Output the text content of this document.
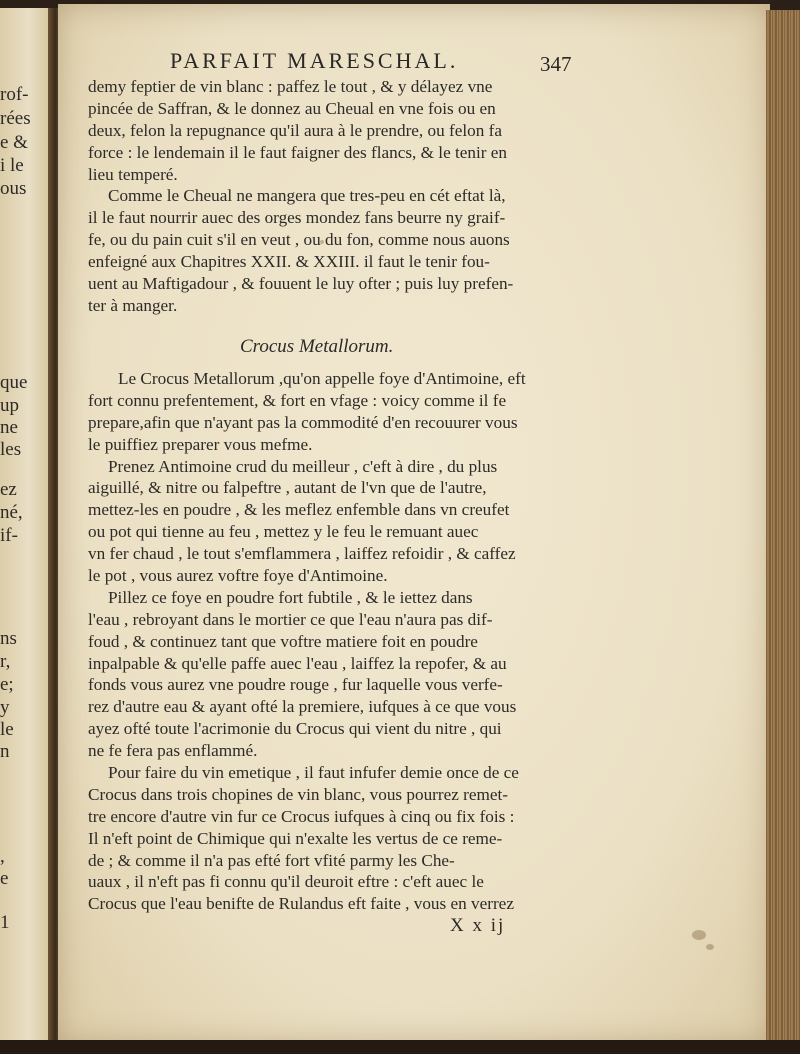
rof-
rées
e &
i le
ous
que
up
ne
les
ez
né,
if-
ns
r,
e;
y
le
n
,
e
1
PARFAIT MARESCHAL.	347
demy feptier de vin blanc : paffez le tout , & y délayez vne
pincée de Saffran, & le donnez au Cheual en vne fois ou en
deux, felon la repugnance qu'il aura à le prendre, ou felon fa
force : le lendemain il le faut faigner des flancs, & le tenir en
lieu temperé.
Comme le Cheual ne mangera que tres-peu en cét eftat là,
il le faut nourrir auec des orges mondez fans beurre ny graif-
fe, ou du pain cuit s'il en veut , ou du fon, comme nous auons
enfeigné aux Chapitres XXII. & XXIII. il faut le tenir fou-
uent au Maftigadour , & fouuent le luy ofter ; puis luy prefen-
ter à manger.
Crocus Metallorum.
Le Crocus Metallorum ,qu'on appelle foye d'Antimoine, eft
fort connu prefentement, & fort en vfage : voicy comme il fe
prepare,afin que n'ayant pas la commodité d'en recouurer vous
le puiffiez preparer vous mefme.
Prenez Antimoine crud du meilleur , c'eft à dire , du plus
aiguillé, & nitre ou falpeftre , autant de l'vn que de l'autre,
mettez-les en poudre , & les meflez enfemble dans vn creufet
ou pot qui tienne au feu , mettez y le feu le remuant auec
vn fer chaud , le tout s'emflammera , laiffez refoidir , & caffez
le pot , vous aurez voftre foye d'Antimoine.
Pillez ce foye en poudre fort fubtile , & le iettez dans
l'eau , rebroyant dans le mortier ce que l'eau n'aura pas dif-
foud , & continuez tant que voftre matiere foit en poudre
inpalpable & qu'elle paffe auec l'eau , laiffez la repofer, & au
fonds vous aurez vne poudre rouge , fur laquelle vous verfe-
rez d'autre eau & ayant ofté la premiere, iufques à ce que vous
ayez ofté toute l'acrimonie du Crocus qui vient du nitre , qui
ne fe fera pas enflammé.
Pour faire du vin emetique , il faut infufer demie once de ce
Crocus dans trois chopines de vin blanc, vous pourrez remet-
tre encore d'autre vin fur ce Crocus iufques à cinq ou fix fois :
Il n'eft point de Chimique qui n'exalte les vertus de ce reme-
de ; & comme il n'a pas efté fort vfité parmy les Che-
uaux , il n'eft pas fi connu qu'il deuroit eftre : c'eft auec le
Crocus que l'eau benifte de Rulandus eft faite , vous en verrez
X x ij
